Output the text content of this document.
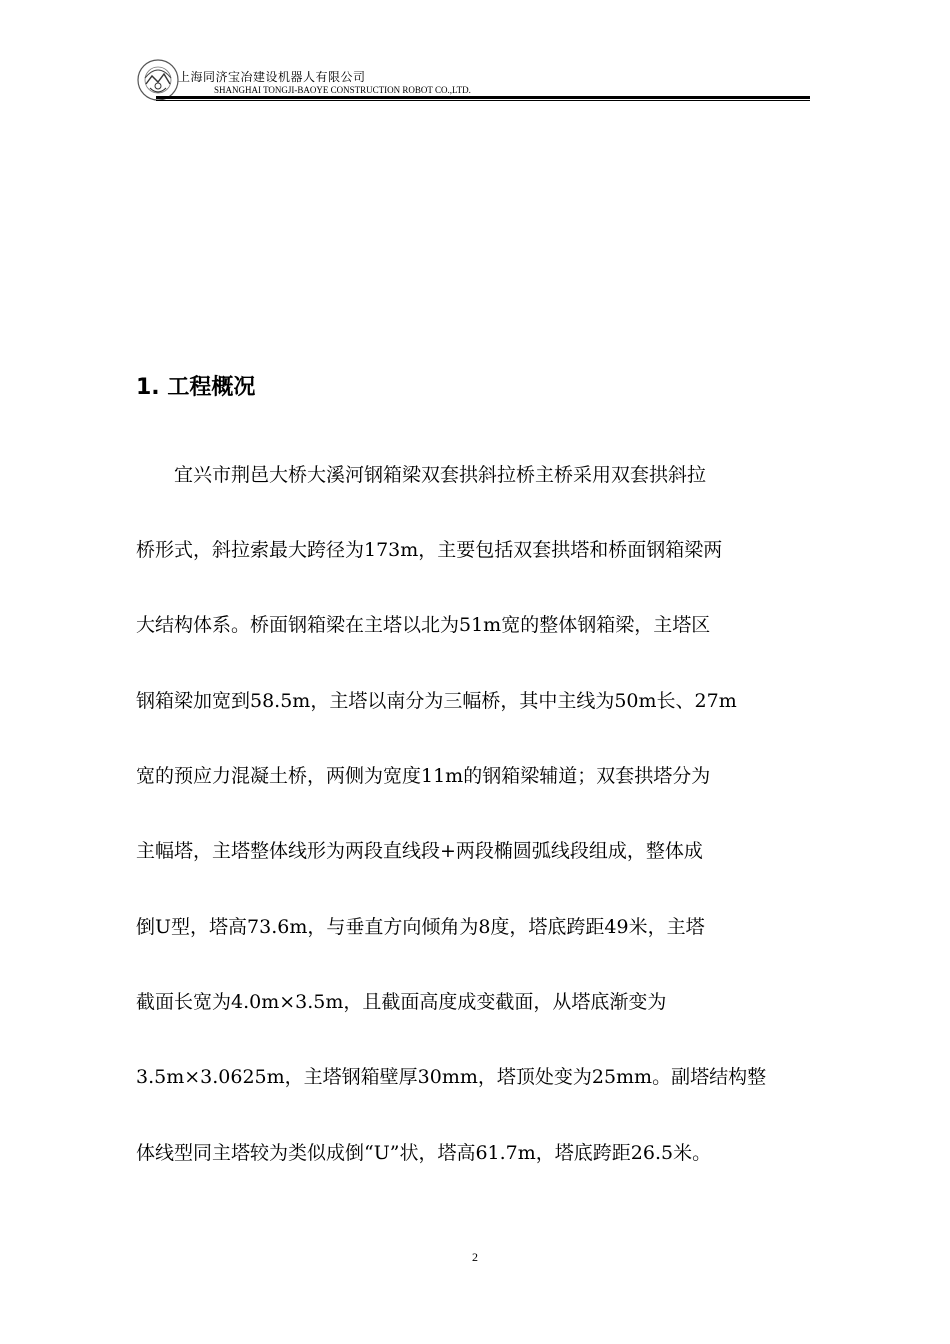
上海同济宝冶建设机器人有限公司
SHANGHAI TONGJI-BAOYE CONSTRUCTION ROBOT CO.,LTD.
1. 工程概况
　　宜兴市荆邑大桥大溪河钢箱梁双套拱斜拉桥主桥采用双套拱斜拉
桥形式，斜拉索最大跨径为173m，主要包括双套拱塔和桥面钢箱梁两
大结构体系。桥面钢箱梁在主塔以北为51m宽的整体钢箱梁，主塔区
钢箱梁加宽到58.5m，主塔以南分为三幅桥，其中主线为50m长、27m
宽的预应力混凝土桥，两侧为宽度11m的钢箱梁辅道；双套拱塔分为
主幅塔，主塔整体线形为两段直线段+两段椭圆弧线段组成，整体成
倒U型，塔高73.6m，与垂直方向倾角为8度，塔底跨距49米，主塔
截面长宽为4.0m×3.5m，且截面高度成变截面，从塔底渐变为
3.5m×3.0625m，主塔钢箱壁厚30mm，塔顶处变为25mm。副塔结构整
体线型同主塔较为类似成倒“U”状，塔高61.7m，塔底跨距26.5米。
2
